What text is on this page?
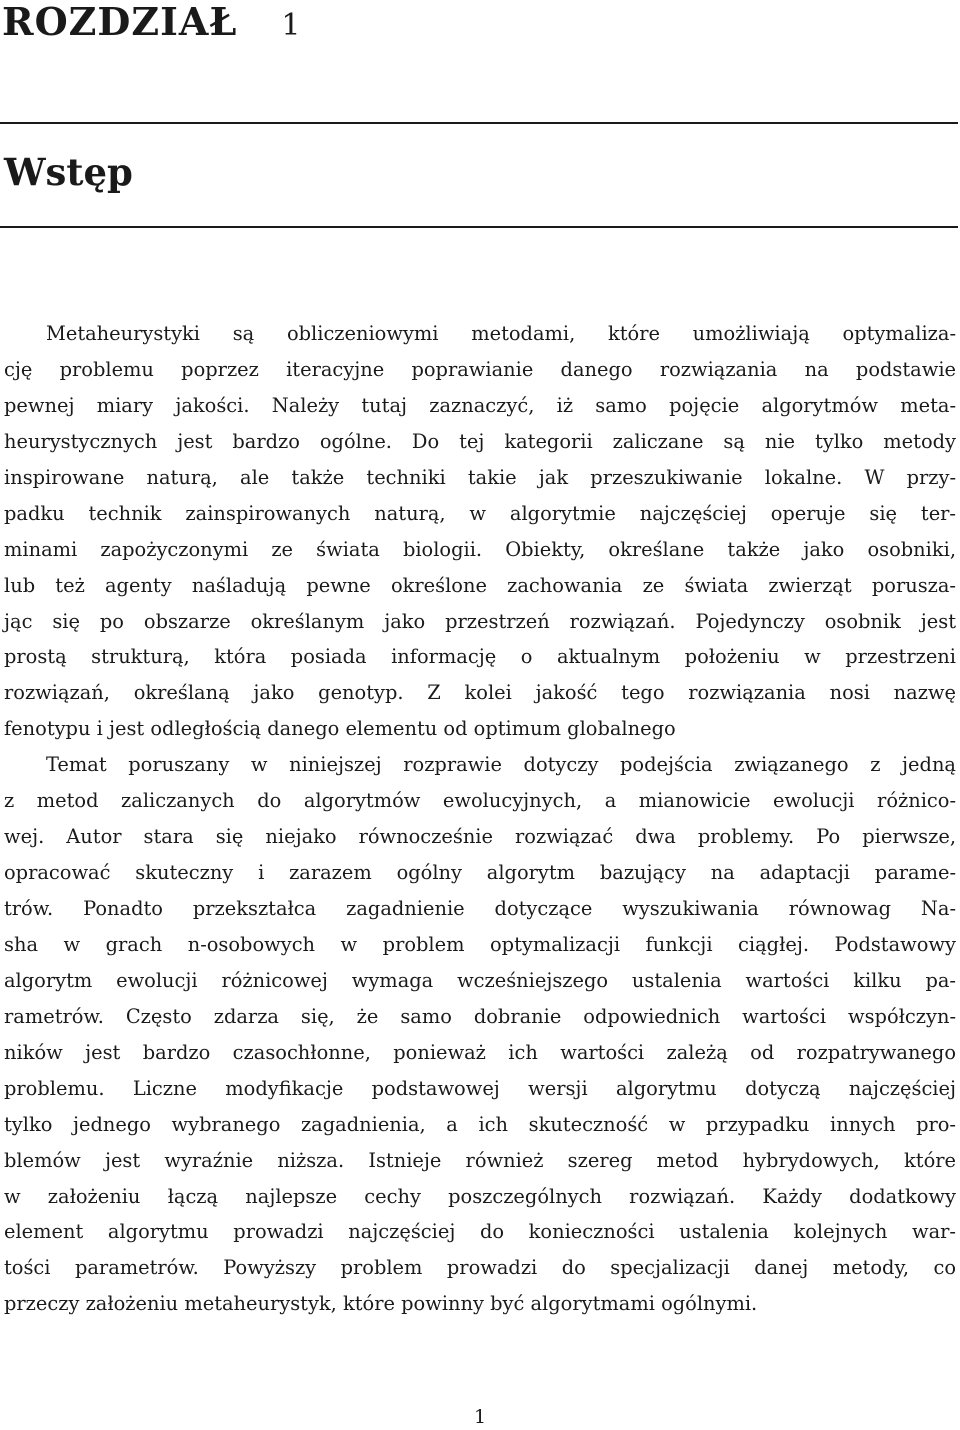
ROZDZIAŁ 1
Wstęp
Metaheurystyki są obliczeniowymi metodami, które umożliwiają optymaliza-
cję problemu poprzez iteracyjne poprawianie danego rozwiązania na podstawie
pewnej miary jakości. Należy tutaj zaznaczyć, iż samo pojęcie algorytmów meta-
heurystycznych jest bardzo ogólne. Do tej kategorii zaliczane są nie tylko metody
inspirowane naturą, ale także techniki takie jak przeszukiwanie lokalne. W przy-
padku technik zainspirowanych naturą, w algorytmie najczęściej operuje się ter-
minami zapożyczonymi ze świata biologii. Obiekty, określane także jako osobniki,
lub też agenty naśladują pewne określone zachowania ze świata zwierząt porusza-
jąc się po obszarze określanym jako przestrzeń rozwiązań. Pojedynczy osobnik jest
prostą strukturą, która posiada informację o aktualnym położeniu w przestrzeni
rozwiązań, określaną jako genotyp. Z kolei jakość tego rozwiązania nosi nazwę
fenotypu i jest odległością danego elementu od optimum globalnego
Temat poruszany w niniejszej rozprawie dotyczy podejścia związanego z jedną
z metod zaliczanych do algorytmów ewolucyjnych, a mianowicie ewolucji różnico-
wej. Autor stara się niejako równocześnie rozwiązać dwa problemy. Po pierwsze,
opracować skuteczny i zarazem ogólny algorytm bazujący na adaptacji parame-
trów. Ponadto przekształca zagadnienie dotyczące wyszukiwania równowag Na-
sha w grach n-osobowych w problem optymalizacji funkcji ciągłej. Podstawowy
algorytm ewolucji różnicowej wymaga wcześniejszego ustalenia wartości kilku pa-
rametrów. Często zdarza się, że samo dobranie odpowiednich wartości współczyn-
ników jest bardzo czasochłonne, ponieważ ich wartości zależą od rozpatrywanego
problemu. Liczne modyfikacje podstawowej wersji algorytmu dotyczą najczęściej
tylko jednego wybranego zagadnienia, a ich skuteczność w przypadku innych pro-
blemów jest wyraźnie niższa. Istnieje również szereg metod hybrydowych, które
w założeniu łączą najlepsze cechy poszczególnych rozwiązań. Każdy dodatkowy
element algorytmu prowadzi najczęściej do konieczności ustalenia kolejnych war-
tości parametrów. Powyższy problem prowadzi do specjalizacji danej metody, co
przeczy założeniu metaheurystyk, które powinny być algorytmami ogólnymi.
1
